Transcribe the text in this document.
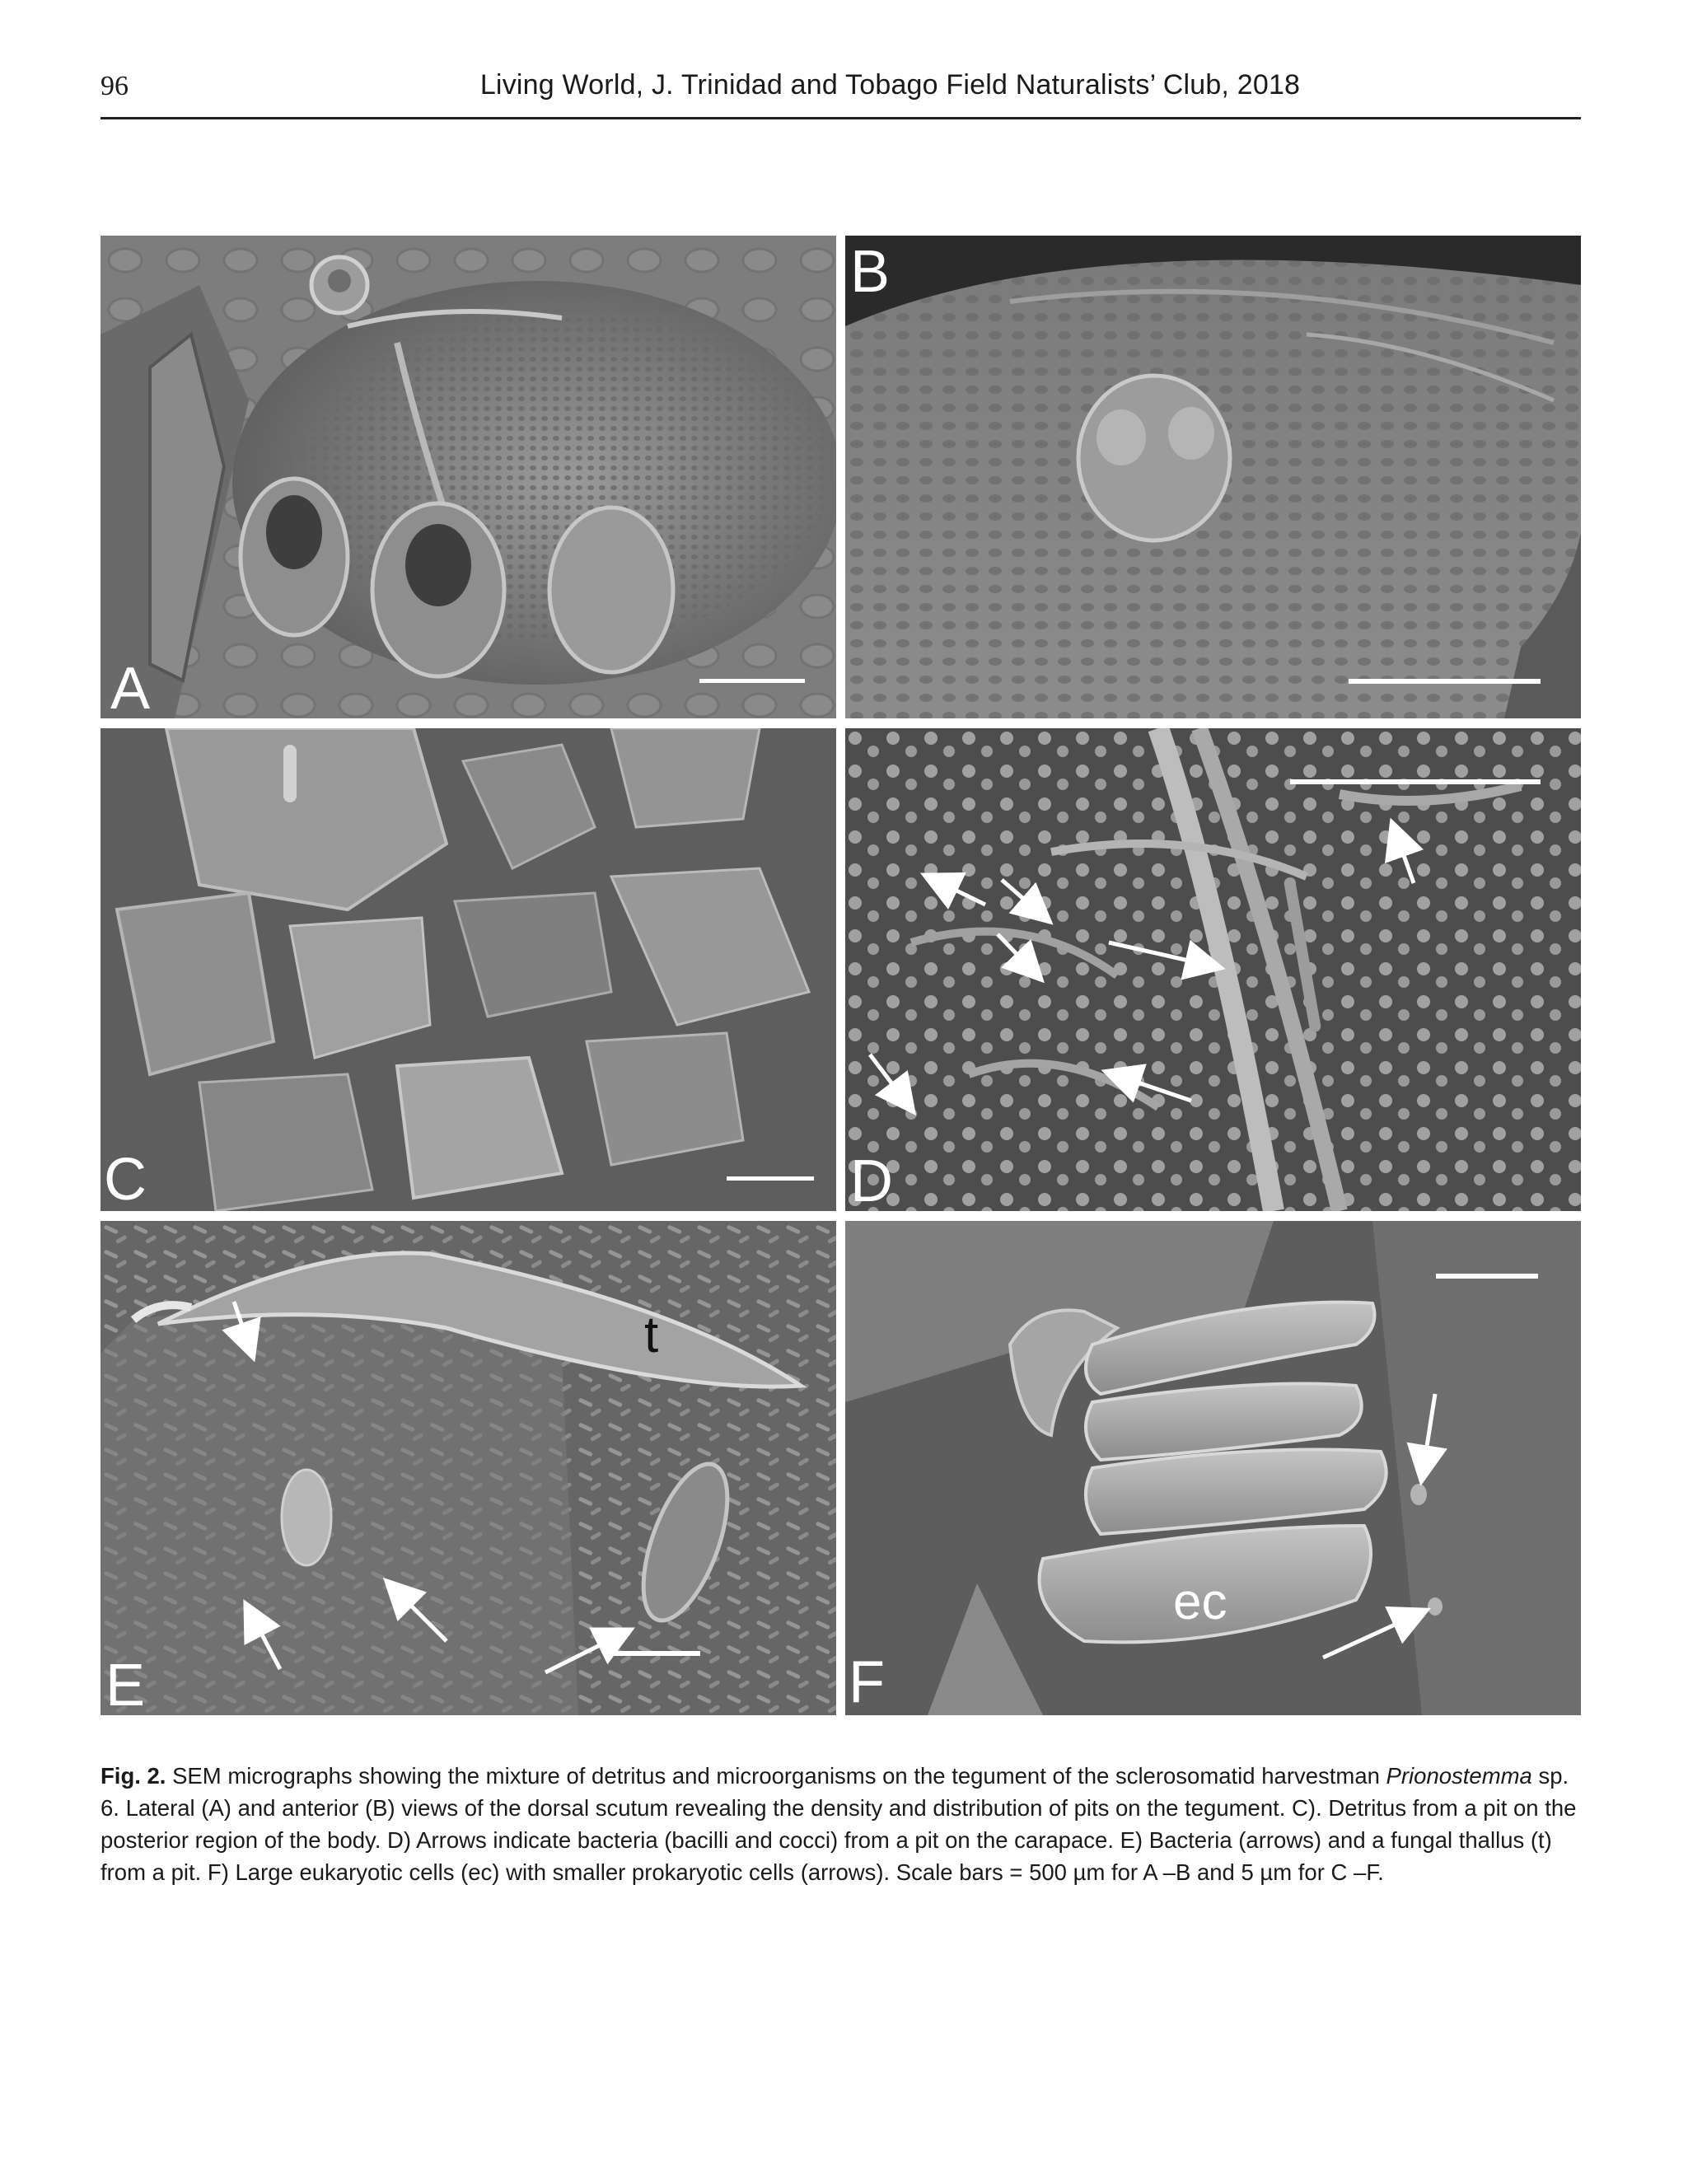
96	Living World, J. Trinidad and Tobago Field Naturalists’ Club, 2018
A
B
C	D
t
E
ec
F

Fig. 2. SEM micrographs showing the mixture of detritus and microorganisms on the tegument of the sclerosomatid harvestman Prionostemma sp. 6. Lateral (A) and anterior (B) views of the dorsal scutum revealing the density and distribution of pits on the tegument. C). Detritus from a pit on the posterior region of the body. D) Arrows indicate bacteria (bacilli and cocci) from a pit on the carapace. E) Bacteria (arrows) and a fungal thallus (t) from a pit. F) Large eukaryotic cells (ec) with smaller prokaryotic cells (arrows). Scale bars = 500 µm for A –B and 5 µm for C –F.
